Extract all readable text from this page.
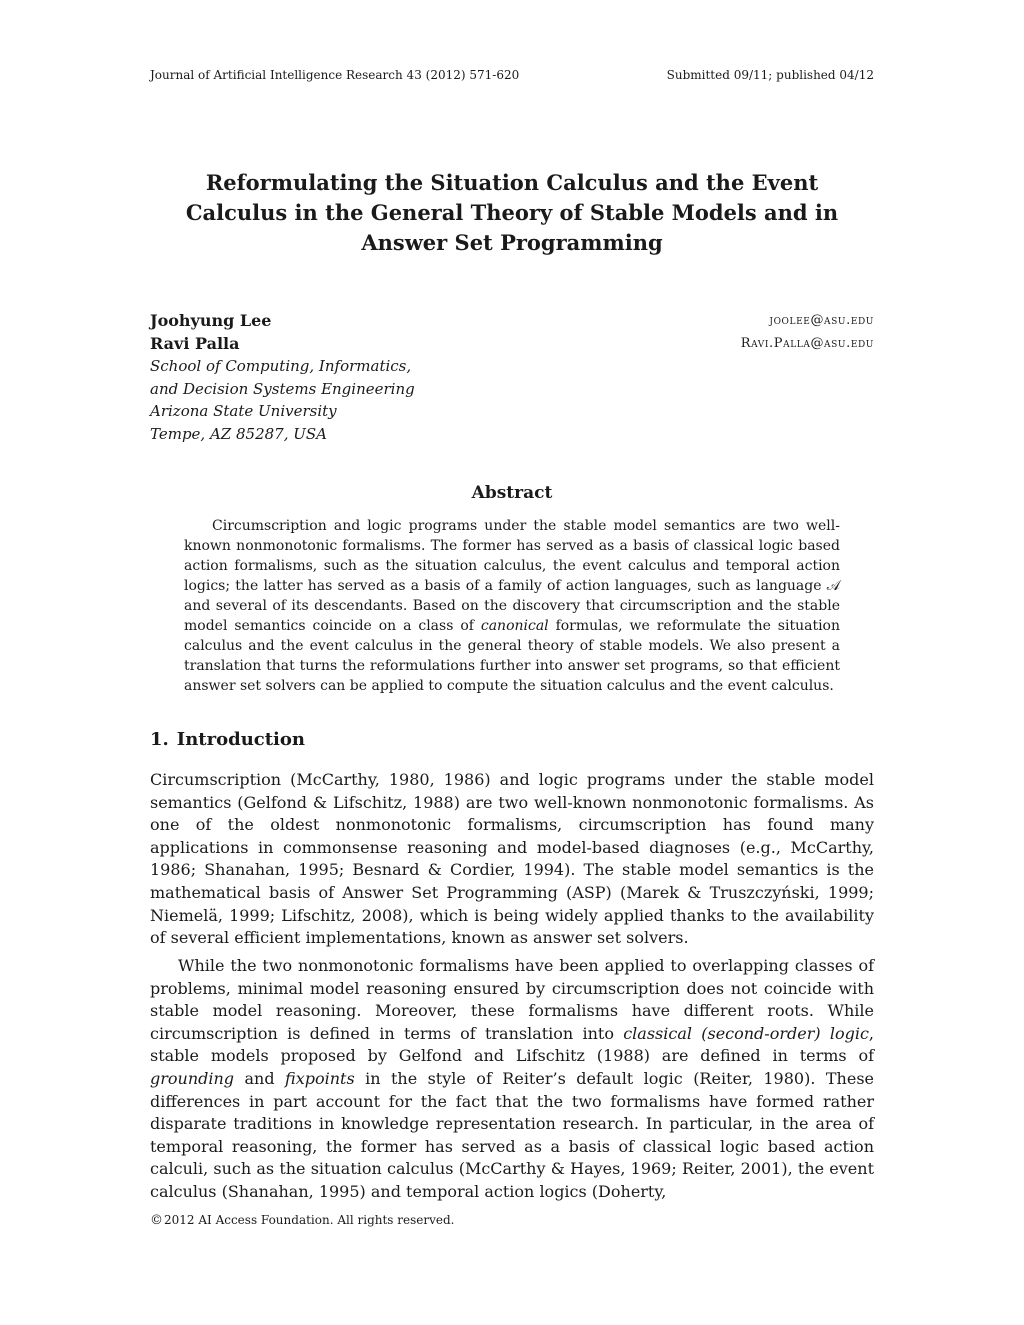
Journal of Artificial Intelligence Research 43 (2012) 571-620	Submitted 09/11; published 04/12
Reformulating the Situation Calculus and the Event
Calculus in the General Theory of Stable Models and in
Answer Set Programming
Joohyung Lee	joolee@asu.edu
Ravi Palla	Ravi.Palla@asu.edu
School of Computing, Informatics,
and Decision Systems Engineering
Arizona State University
Tempe, AZ 85287, USA
Abstract

Circumscription and logic programs under the stable model semantics are two well-known nonmonotonic formalisms. The former has served as a basis of classical logic based action formalisms, such as the situation calculus, the event calculus and temporal action logics; the latter has served as a basis of a family of action languages, such as language 𝒜 and several of its descendants. Based on the discovery that circumscription and the stable model semantics coincide on a class of canonical formulas, we reformulate the situation calculus and the event calculus in the general theory of stable models. We also present a translation that turns the reformulations further into answer set programs, so that efficient answer set solvers can be applied to compute the situation calculus and the event calculus.

1. Introduction

Circumscription (McCarthy, 1980, 1986) and logic programs under the stable model semantics (Gelfond & Lifschitz, 1988) are two well-known nonmonotonic formalisms. As one of the oldest nonmonotonic formalisms, circumscription has found many applications in commonsense reasoning and model-based diagnoses (e.g., McCarthy, 1986; Shanahan, 1995; Besnard & Cordier, 1994). The stable model semantics is the mathematical basis of Answer Set Programming (ASP) (Marek & Truszczyński, 1999; Niemelä, 1999; Lifschitz, 2008), which is being widely applied thanks to the availability of several efficient implementations, known as answer set solvers.

While the two nonmonotonic formalisms have been applied to overlapping classes of problems, minimal model reasoning ensured by circumscription does not coincide with stable model reasoning. Moreover, these formalisms have different roots. While circumscription is defined in terms of translation into classical (second-order) logic, stable models proposed by Gelfond and Lifschitz (1988) are defined in terms of grounding and fixpoints in the style of Reiter’s default logic (Reiter, 1980). These differences in part account for the fact that the two formalisms have formed rather disparate traditions in knowledge representation research. In particular, in the area of temporal reasoning, the former has served as a basis of classical logic based action calculi, such as the situation calculus (McCarthy & Hayes, 1969; Reiter, 2001), the event calculus (Shanahan, 1995) and temporal action logics (Doherty,

©2012 AI Access Foundation. All rights reserved.
